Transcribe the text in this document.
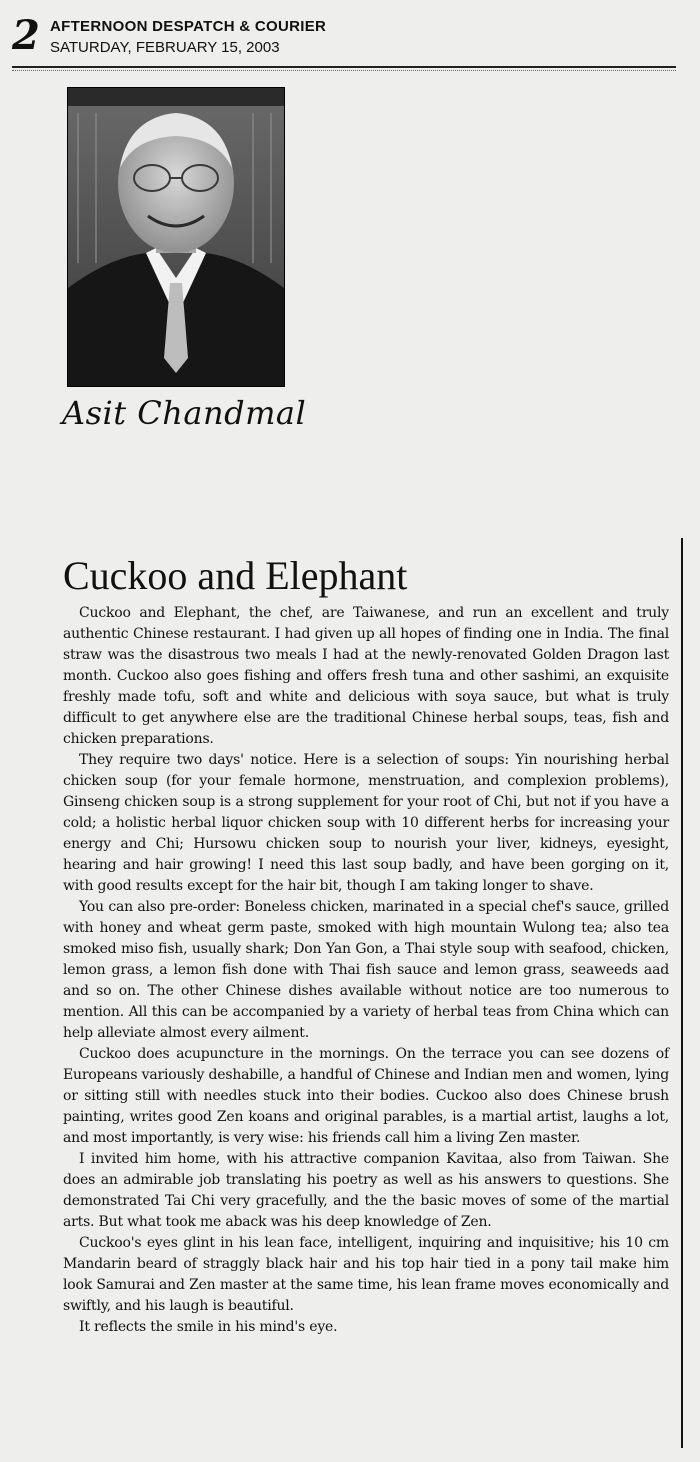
2 AFTERNOON DESPATCH & COURIER
SATURDAY, FEBRUARY 15, 2003
Asit Chandmal
Cuckoo and Elephant

Cuckoo and Elephant, the chef, are Taiwanese, and run an excellent and truly authentic Chinese restaurant. I had given up all hopes of finding one in India. The final straw was the disastrous two meals I had at the newly-renovated Golden Dragon last month. Cuckoo also goes fishing and offers fresh tuna and other sashimi, an exquisite freshly made tofu, soft and white and delicious with soya sauce, but what is truly difficult to get anywhere else are the traditional Chinese herbal soups, teas, fish and chicken preparations.

They require two days' notice. Here is a selection of soups: Yin nourishing herbal chicken soup (for your female hormone, menstruation, and complexion problems), Ginseng chicken soup is a strong supplement for your root of Chi, but not if you have a cold; a holistic herbal liquor chicken soup with 10 different herbs for increasing your energy and Chi; Hursowu chicken soup to nourish your liver, kidneys, eyesight, hearing and hair growing! I need this last soup badly, and have been gorging on it, with good results except for the hair bit, though I am taking longer to shave.

You can also pre-order: Boneless chicken, marinated in a special chef's sauce, grilled with honey and wheat germ paste, smoked with high mountain Wulong tea; also tea smoked miso fish, usually shark; Don Yan Gon, a Thai style soup with seafood, chicken, lemon grass, a lemon fish done with Thai fish sauce and lemon grass, seaweeds aad and so on. The other Chinese dishes available without notice are too numerous to mention. All this can be accompanied by a variety of herbal teas from China which can help alleviate almost every ailment.

Cuckoo does acupuncture in the mornings. On the terrace you can see dozens of Europeans variously deshabille, a handful of Chinese and Indian men and women, lying or sitting still with needles stuck into their bodies. Cuckoo also does Chinese brush painting, writes good Zen koans and original parables, is a martial artist, laughs a lot, and most importantly, is very wise: his friends call him a living Zen master.

I invited him home, with his attractive companion Kavitaa, also from Taiwan. She does an admirable job translating his poetry as well as his answers to questions. She demonstrated Tai Chi very gracefully, and the the basic moves of some of the martial arts. But what took me aback was his deep knowledge of Zen.

Cuckoo's eyes glint in his lean face, intelligent, inquiring and inquisitive; his 10 cm Mandarin beard of straggly black hair and his top hair tied in a pony tail make him look Samurai and Zen master at the same time, his lean frame moves economically and swiftly, and his laugh is beautiful.

It reflects the smile in his mind's eye.
